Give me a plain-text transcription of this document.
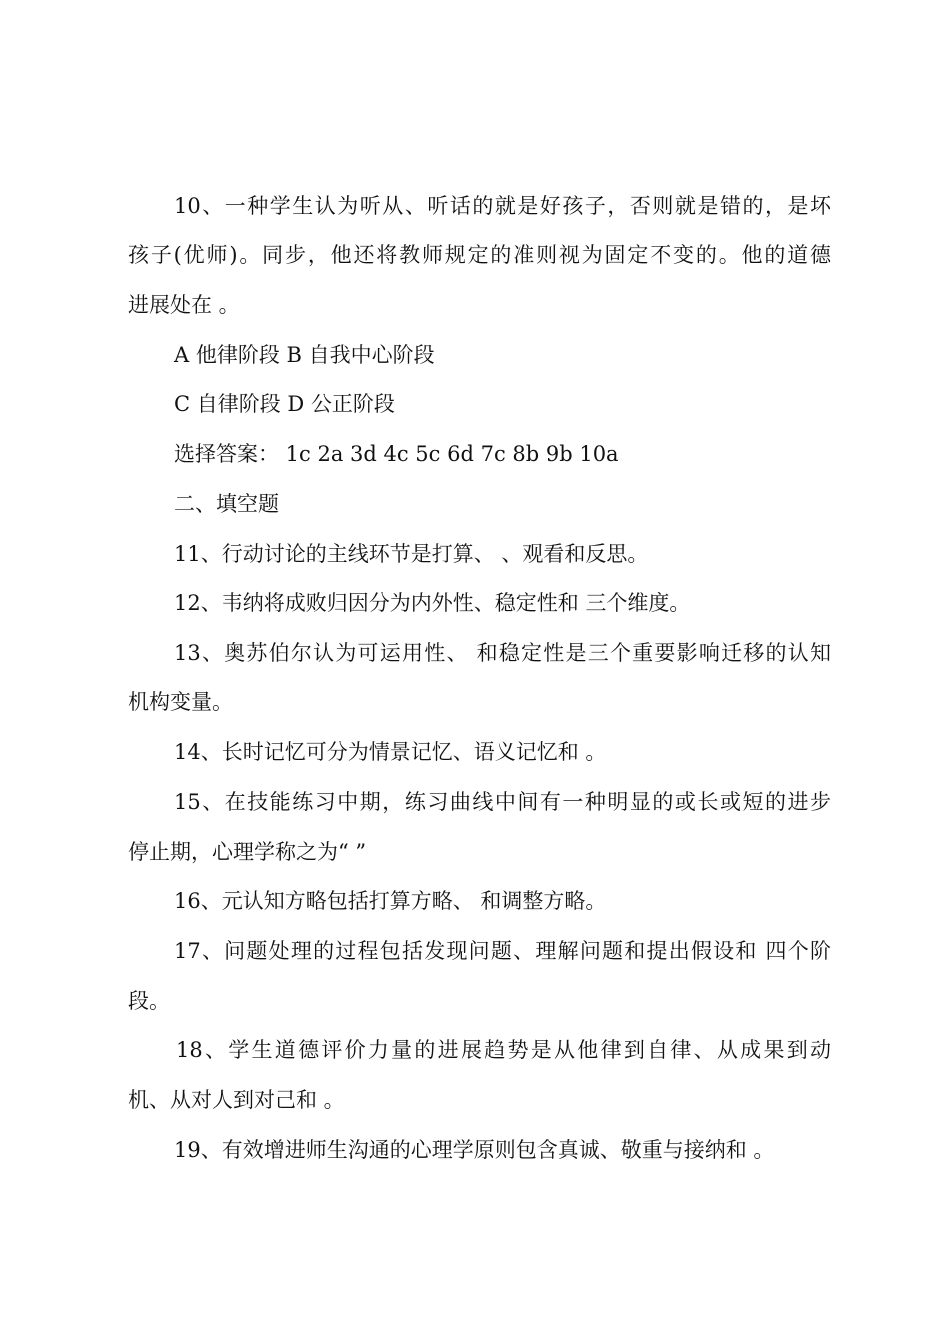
10、一种学生认为听从、听话的就是好孩子，否则就是错的，是坏
孩子(优师)。同步，他还将教师规定的准则视为固定不变的。他的道德
进展处在 。
A 他律阶段 B 自我中心阶段
C 自律阶段 D 公正阶段
选择答案： 1c 2a 3d 4c 5c 6d 7c 8b 9b 10a
二、填空题
11、行动讨论的主线环节是打算、 、观看和反思。
12、韦纳将成败归因分为内外性、稳定性和 三个维度。
13、奥苏伯尔认为可运用性、 和稳定性是三个重要影响迁移的认知
机构变量。
14、长时记忆可分为情景记忆、语义记忆和 。
15、在技能练习中期，练习曲线中间有一种明显的或长或短的进步
停止期，心理学称之为“ ”
16、元认知方略包括打算方略、 和调整方略。
17、问题处理的过程包括发现问题、理解问题和提出假设和 四个阶
段。
18、学生道德评价力量的进展趋势是从他律到自律、从成果到动
机、从对人到对己和 。
19、有效增进师生沟通的心理学原则包含真诚、敬重与接纳和 。
